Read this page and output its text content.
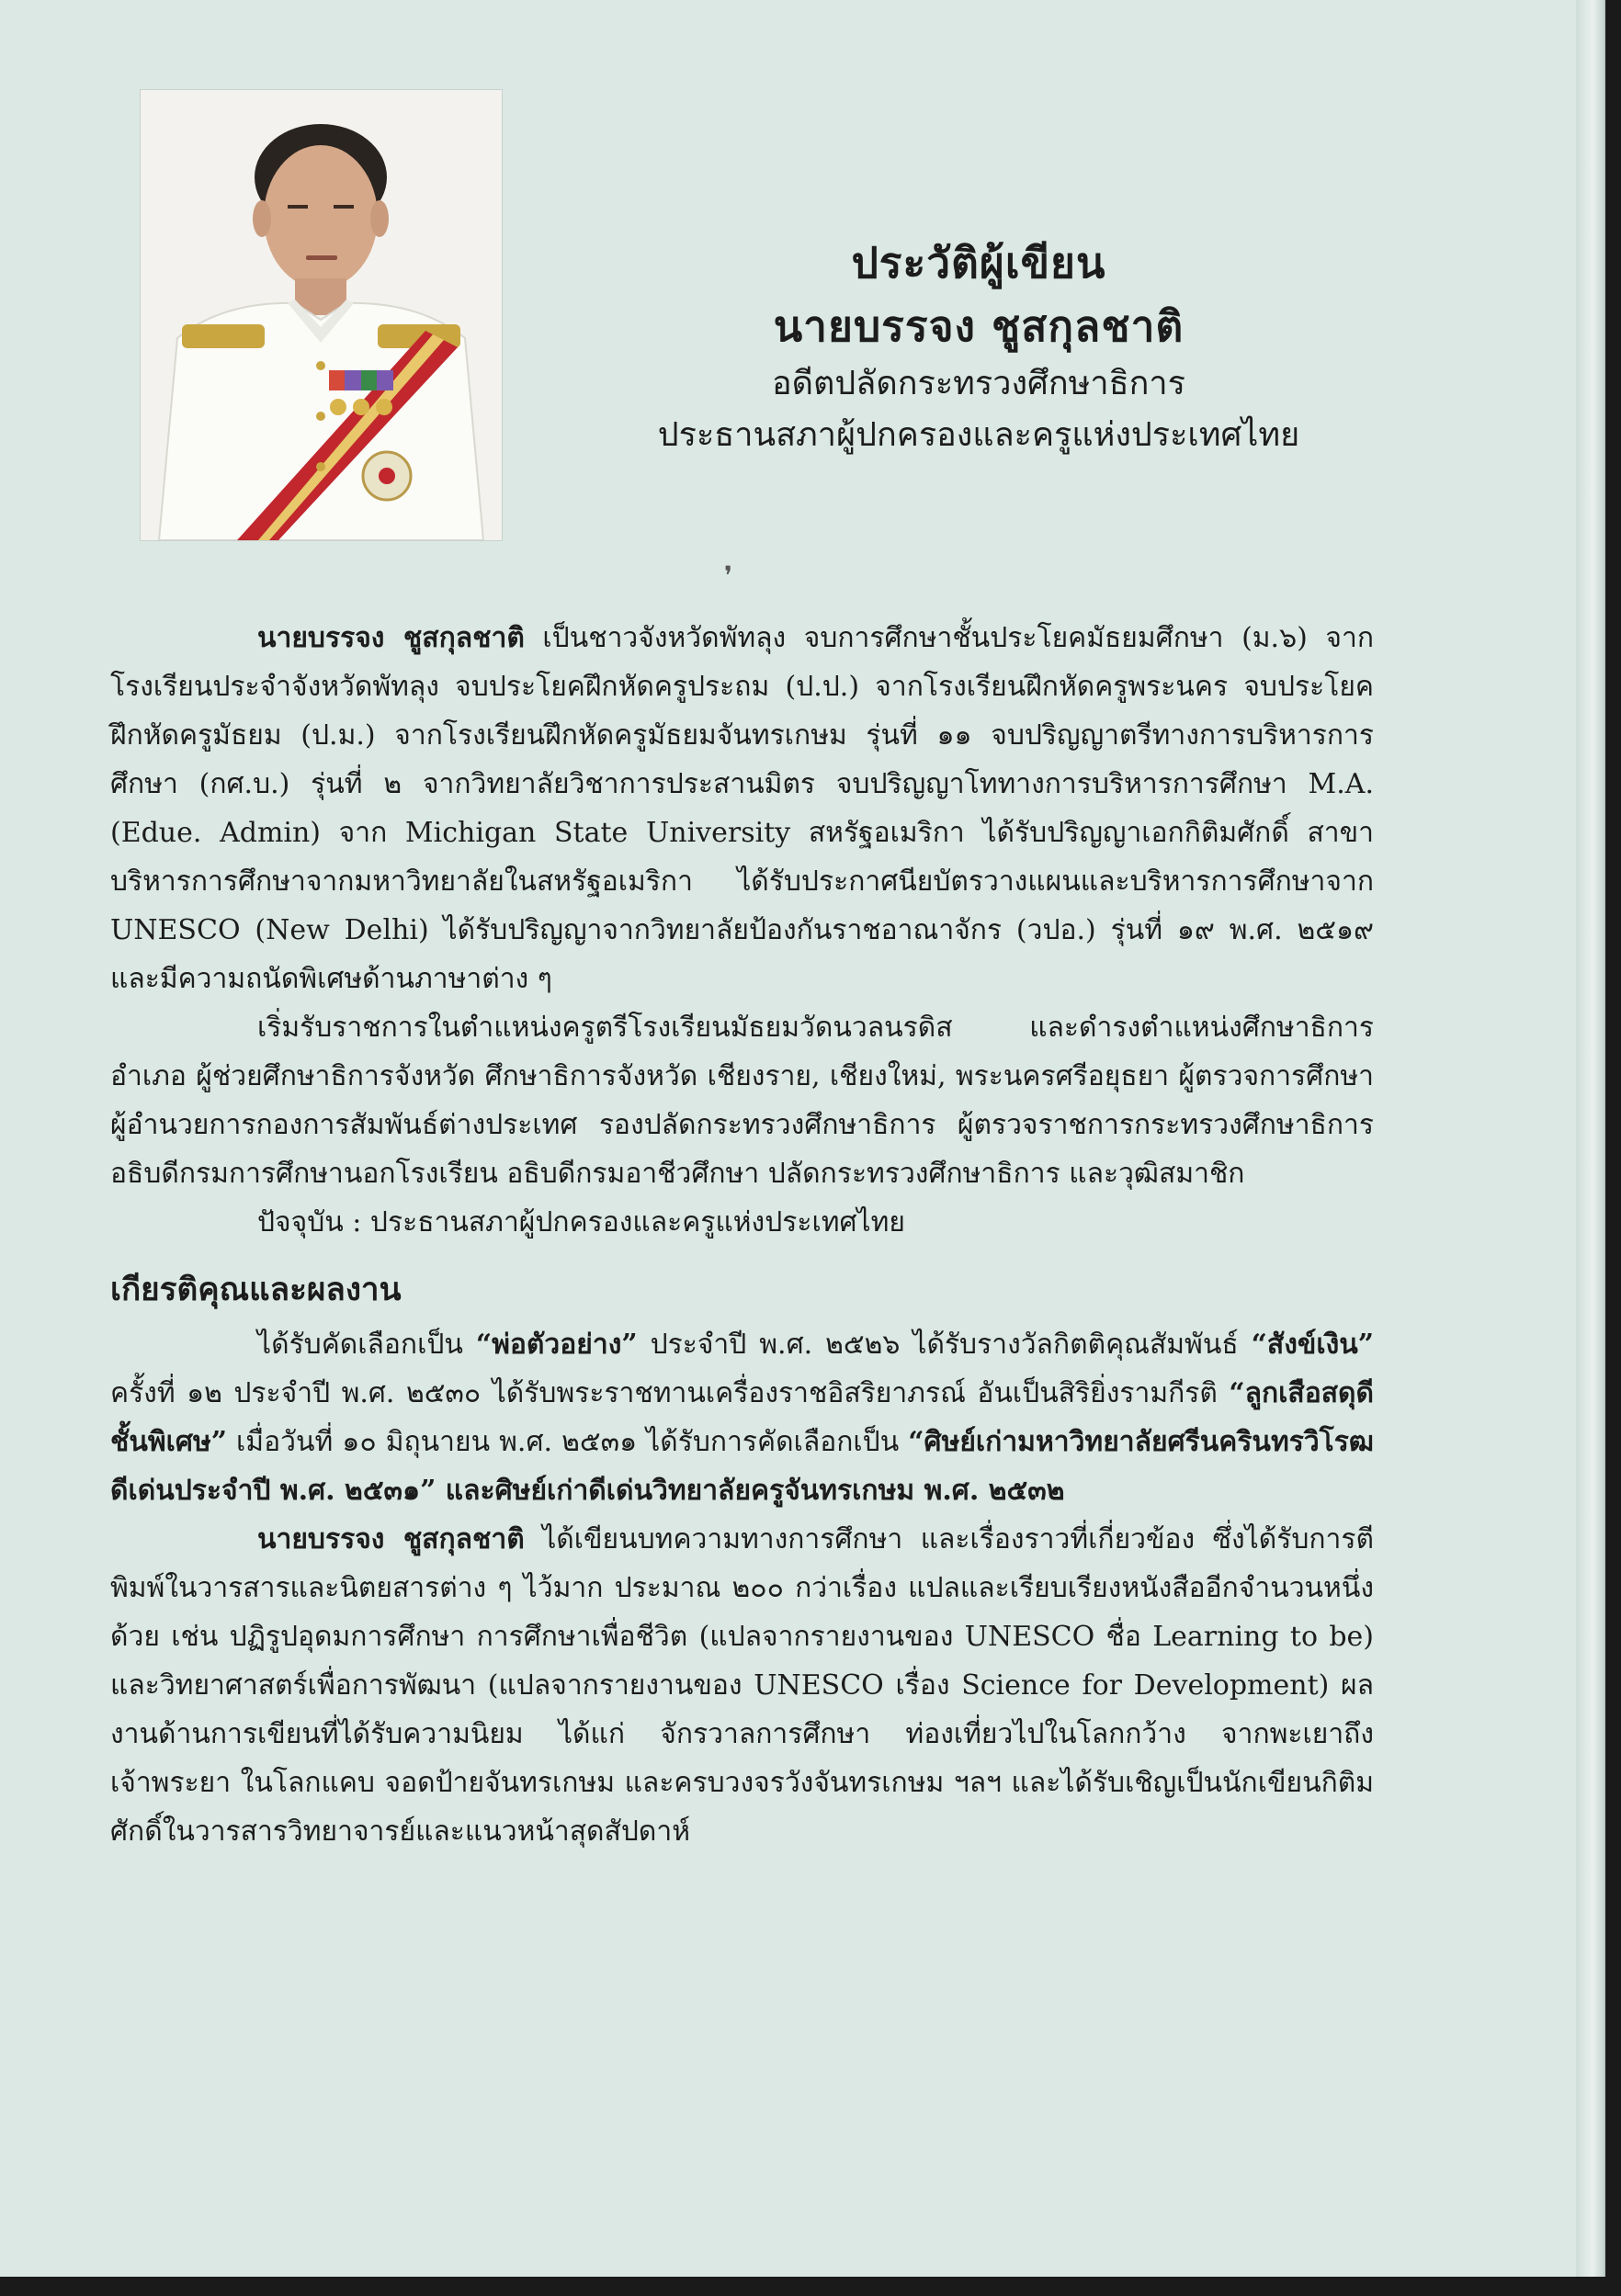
ประวัติผู้เขียน
นายบรรจง ชูสกุลชาติ
อดีตปลัดกระทรวงศึกษาธิการ
ประธานสภาผู้ปกครองและครูแห่งประเทศไทย
❜

นายบรรจง ชูสกุลชาติ เป็นชาวจังหวัดพัทลุง จบการศึกษาชั้นประโยคมัธยมศึกษา (ม.๖) จากโรงเรียนประจำจังหวัดพัทลุง จบประโยคฝึกหัดครูประถม (ป.ป.) จากโรงเรียนฝึกหัดครูพระนคร จบประโยคฝึกหัดครูมัธยม (ป.ม.) จากโรงเรียนฝึกหัดครูมัธยมจันทรเกษม รุ่นที่ ๑๑ จบปริญญาตรีทางการบริหารการศึกษา (กศ.บ.) รุ่นที่ ๒ จากวิทยาลัยวิชาการประสานมิตร จบปริญญาโททางการบริหารการศึกษา M.A. (Edue. Admin) จาก Michigan State University สหรัฐอเมริกา ได้รับปริญญาเอกกิติมศักดิ์ สาขาบริหารการศึกษาจากมหาวิทยาลัยในสหรัฐอเมริกา ได้รับประกาศนียบัตรวางแผนและบริหารการศึกษาจาก UNESCO (New Delhi) ได้รับปริญญาจากวิทยาลัยป้องกันราชอาณาจักร (วปอ.) รุ่นที่ ๑๙ พ.ศ. ๒๕๑๙ และมีความถนัดพิเศษด้านภาษาต่าง ๆ

เริ่มรับราชการในตำแหน่งครูตรีโรงเรียนมัธยมวัดนวลนรดิส และดำรงตำแหน่งศึกษาธิการอำเภอ ผู้ช่วยศึกษาธิการจังหวัด ศึกษาธิการจังหวัด เชียงราย, เชียงใหม่, พระนครศรีอยุธยา ผู้ตรวจการศึกษา ผู้อำนวยการกองการสัมพันธ์ต่างประเทศ รองปลัดกระทรวงศึกษาธิการ ผู้ตรวจราชการกระทรวงศึกษาธิการ อธิบดีกรมการศึกษานอกโรงเรียน อธิบดีกรมอาชีวศึกษา ปลัดกระทรวงศึกษาธิการ และวุฒิสมาชิก

ปัจจุบัน : ประธานสภาผู้ปกครองและครูแห่งประเทศไทย

เกียรติคุณและผลงาน

ได้รับคัดเลือกเป็น “พ่อตัวอย่าง” ประจำปี พ.ศ. ๒๕๒๖ ได้รับรางวัลกิตติคุณสัมพันธ์ “สังข์เงิน” ครั้งที่ ๑๒ ประจำปี พ.ศ. ๒๕๓๐ ได้รับพระราชทานเครื่องราชอิสริยาภรณ์ อันเป็นสิริยิ่งรามกีรติ “ลูกเสือสดุดีชั้นพิเศษ” เมื่อวันที่ ๑๐ มิถุนายน พ.ศ. ๒๕๓๑ ได้รับการคัดเลือกเป็น “ศิษย์เก่ามหาวิทยาลัยศรีนครินทรวิโรฒดีเด่นประจำปี พ.ศ. ๒๕๓๑” และศิษย์เก่าดีเด่นวิทยาลัยครูจันทรเกษม พ.ศ. ๒๕๓๒

นายบรรจง ชูสกุลชาติ ได้เขียนบทความทางการศึกษา และเรื่องราวที่เกี่ยวข้อง ซึ่งได้รับการตีพิมพ์ในวารสารและนิตยสารต่าง ๆ ไว้มาก ประมาณ ๒๐๐ กว่าเรื่อง แปลและเรียบเรียงหนังสืออีกจำนวนหนึ่งด้วย เช่น ปฏิรูปอุดมการศึกษา การศึกษาเพื่อชีวิต (แปลจากรายงานของ UNESCO ชื่อ Learning to be) และวิทยาศาสตร์เพื่อการพัฒนา (แปลจากรายงานของ UNESCO เรื่อง Science for Development) ผลงานด้านการเขียนที่ได้รับความนิยม ได้แก่ จักรวาลการศึกษา ท่องเที่ยวไปในโลกกว้าง จากพะเยาถึงเจ้าพระยา ในโลกแคบ จอดป้ายจันทรเกษม และครบวงจรวังจันทรเกษม ฯลฯ และได้รับเชิญเป็นนักเขียนกิติมศักดิ์ในวารสารวิทยาจารย์และแนวหน้าสุดสัปดาห์
